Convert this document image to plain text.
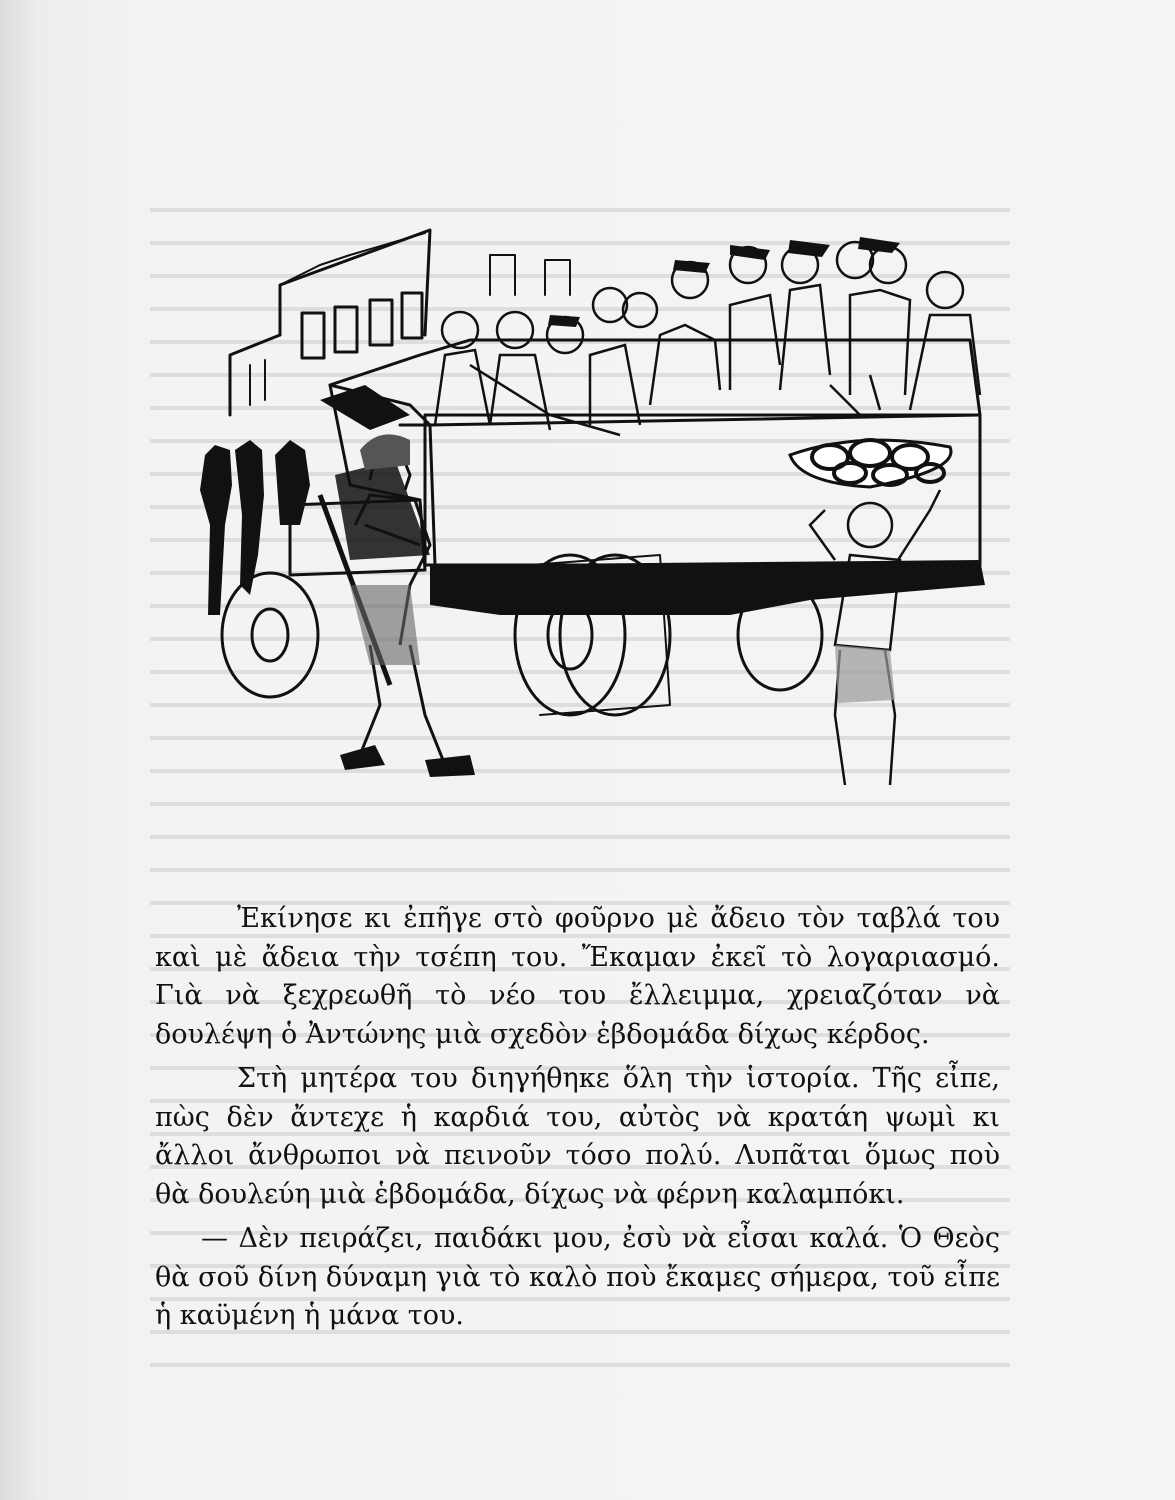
WH 191

Ἐκίνησε κι ἐπῆγε στὸ φοῦρνο μὲ ἄδειο τὸν ταβλά του καὶ μὲ ἄδεια τὴν τσέπη του. Ἔκαμαν ἐκεῖ τὸ λογαριασμό. Γιὰ νὰ ξεχρεωθῆ τὸ νέο του ἔλλειμμα, χρειαζόταν νὰ δουλέψη ὁ Ἀντώνης μιὰ σχεδὸν ἑβδομάδα δίχως κέρδος.

Στὴ μητέρα του διηγήθηκε ὅλη τὴν ἱστορία. Τῆς εἶπε, πὼς δὲν ἄντεχε ἡ καρδιά του, αὐτὸς νὰ κρατάη ψωμὶ κι ἄλλοι ἄνθρωποι νὰ πεινοῦν τόσο πολύ. Λυπᾶται ὅμως ποὺ θὰ δουλεύη μιὰ ἑβδομάδα, δίχως νὰ φέρνη καλαμπόκι.

— Δὲν πειράζει, παιδάκι μου, ἐσὺ νὰ εἶσαι καλά. Ὁ Θεὸς θὰ σοῦ δίνη δύναμη γιὰ τὸ καλὸ ποὺ ἔκαμες σήμερα, τοῦ εἶπε ἡ καϋμένη ἡ μάνα του.
